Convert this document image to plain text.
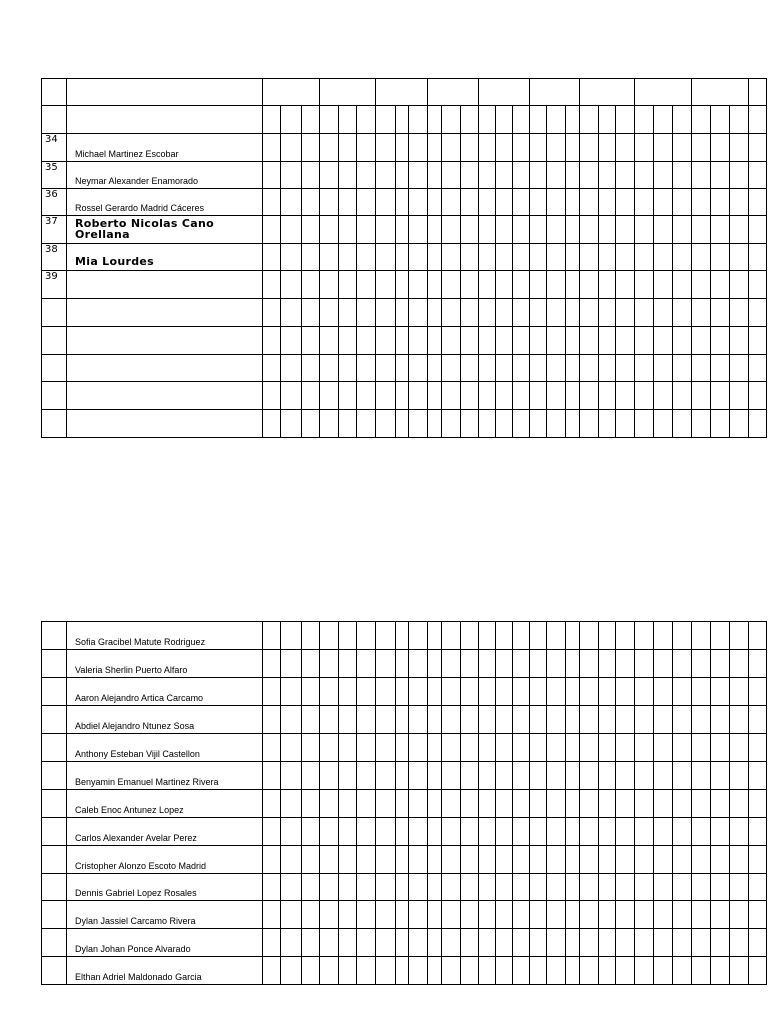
34	Michael Martinez Escobar																												

35	Neymar Alexander Enamorado																												

36	Rossel Gerardo Madrid Cáceres																												

37	Roberto Nicolas Cano Orellana																												

38	Mia Lourdes																												

39	

	Sofia Gracibel Matute Rodriguez																												

	Valeria Sherlin Puerto Alfaro																												

	Aaron Alejandro Artica Carcamo																												

	Abdiel Alejandro Ntunez Sosa																												

	Anthony Esteban Vijil Castellon																												

	Benyamin Emanuel Martinez Rivera																												

	Caleb Enoc Antunez Lopez																												

	Carlos Alexander Avelar Perez																												

	Cristopher Alonzo Escoto Madrid																												

	Dennis Gabriel Lopez Rosales																												

	Dylan Jassiel Carcamo Rivera																												

	Dylan Johan Ponce Alvarado																												

	Elthan Adriel Maldonado Garcia																												
